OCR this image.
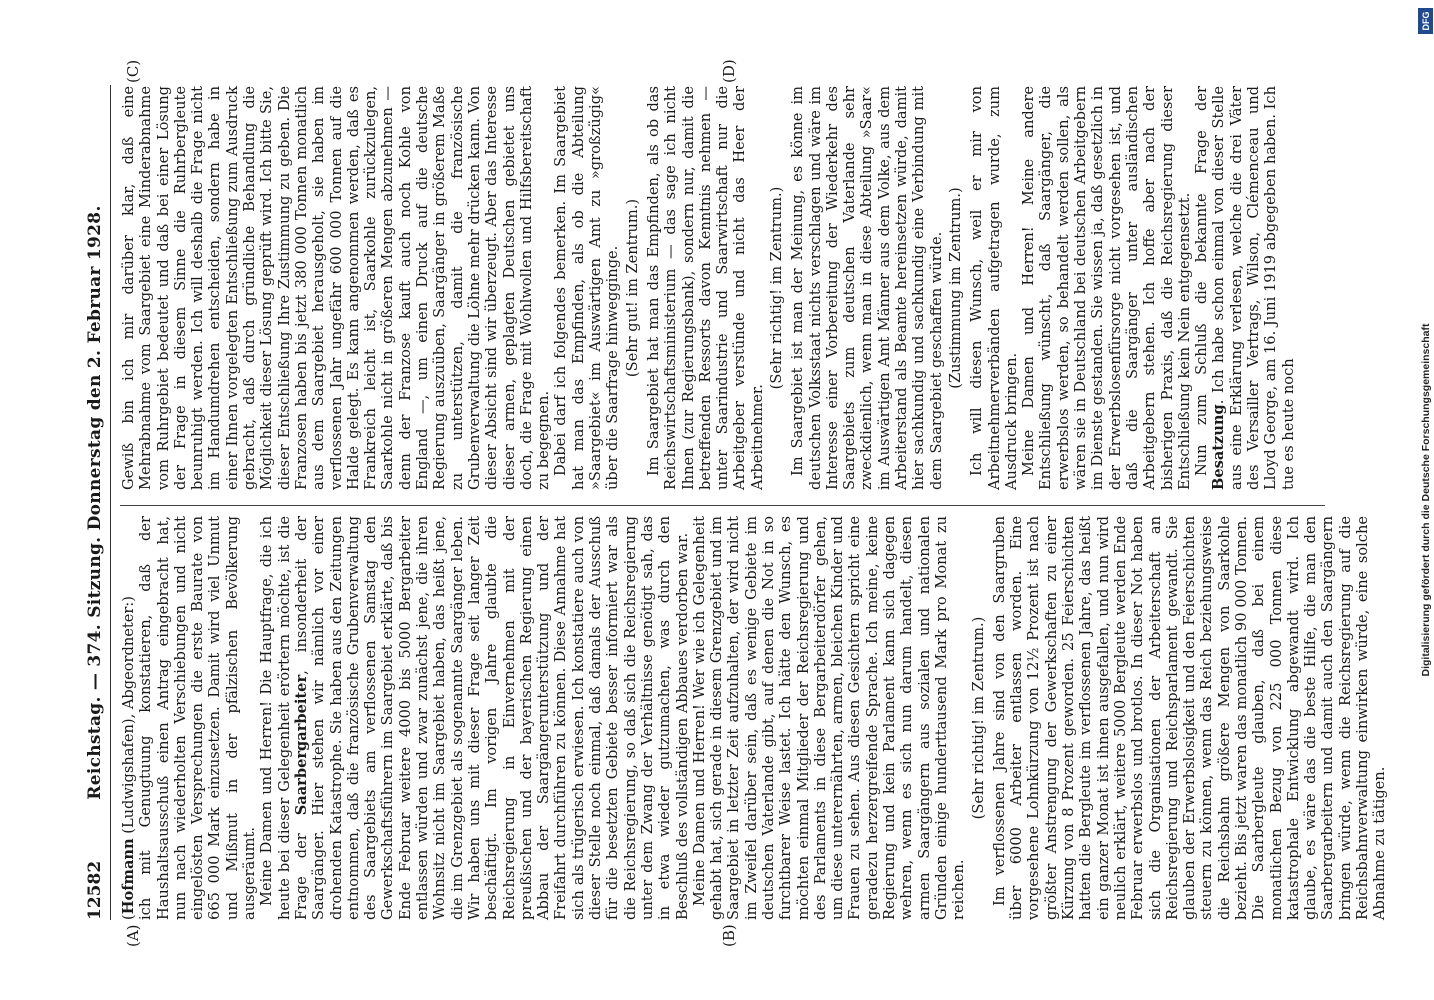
12582
Reichstag. — 374. Sitzung. Donnerstag den 2. Februar 1928.
(A)	(B)
(C)	(D)

(Hofmann (Ludwigshafen), Abgeordneter:) ich mit Genugtuung konstatieren, daß der Haushaltsausschuß einen Antrag eingebracht hat, nun nach wiederholten Verschiebungen und nicht eingelösten Versprechungen die erste Baurate von 665 000 Mark einzusetzen. Damit wird viel Unmut und Mißmut in der pfälzischen Bevölkerung ausgeräumt. Meine Damen und Herren! Die Hauptfrage, die ich heute bei dieser Gelegenheit erörtern möchte, ist die Frage der Saarbergarbeiter, insonderheit der Saargänger. Hier stehen wir nämlich vor einer drohenden Katastrophe. Sie haben aus den Zeitungen entnommen, daß die französische Grubenverwaltung des Saargebiets am verflossenen Samstag den Gewerkschaftsführern im Saargebiet erklärte, daß bis Ende Februar weitere 4000 bis 5000 Bergarbeiter entlassen würden und zwar zunächst jene, die ihren Wohnsitz nicht im Saargebiet haben, das heißt jene, die im Grenzgebiet als sogenannte Saargänger leben. Wir haben uns mit dieser Frage seit langer Zeit beschäftigt. Im vorigen Jahre glaubte die Reichsregierung in Einvernehmen mit der preußischen und der bayerischen Regierung einen Abbau der Saargängerunterstützung und der Freifahrt durchführen zu können. Diese Annahme hat sich als trügerisch erwiesen. Ich konstatiere auch von dieser Stelle noch einmal, daß damals der Ausschuß für die besetzten Gebiete besser informiert war als die Reichsregierung, so daß sich die Reichsregierung unter dem Zwang der Verhältnisse genötigt sah, das in etwa wieder gutzumachen, was durch den Beschluß des vollständigen Abbaues verdorben war. Meine Damen und Herren! Wer wie ich Gelegenheit gehabt hat, sich gerade in diesem Grenzgebiet und im Saargebiet in letzter Zeit aufzuhalten, der wird nicht im Zweifel darüber sein, daß es wenige Gebiete im deutschen Vaterlande gibt, auf denen die Not in so furchtbarer Weise lastet. Ich hätte den Wunsch, es möchten einmal Mitglieder der Reichsregierung und des Parlaments in diese Bergarbeiterdörfer gehen, um diese unterernährten, armen, bleichen Kinder und Frauen zu sehen. Aus diesen Gesichtern spricht eine geradezu herzergreifende Sprache. Ich meine, keine Regierung und kein Parlament kann sich dagegen wehren, wenn es sich nun darum handelt, diesen armen Saargängern aus sozialen und nationalen Gründen einige hunderttausend Mark pro Monat zu reichen.

(Sehr richtig! im Zentrum.) Im verflossenen Jahre sind von den Saargruben über 6000 Arbeiter entlassen worden. Eine vorgesehene Lohnkürzung von 12½ Prozent ist nach größter Anstrengung der Gewerkschaften zu einer Kürzung von 8 Prozent geworden. 25 Feierschichten hatten die Bergleute im verflossenen Jahre, das heißt ein ganzer Monat ist ihnen ausgefallen, und nun wird neulich erklärt, weitere 5000 Bergleute werden Ende Februar erwerbslos und brotlos. In dieser Not haben sich die Organisationen der Arbeiterschaft an Reichsregierung und Reichsparlament gewandt. Sie glauben der Erwerbslosigkeit und den Feierschichten steuern zu können, wenn das Reich beziehungsweise die Reichsbahn größere Mengen von Saarkohle bezieht. Bis jetzt waren das monatlich 90 000 Tonnen. Die Saarbergleute glauben, daß bei einem monatlichen Bezug von 225 000 Tonnen diese katastrophale Entwicklung abgewandt wird. Ich glaube, es wäre das die beste Hilfe, die man den Saarbergarbeitern und damit auch den Saargängern bringen würde, wenn die Reichsregierung auf die Reichsbahnverwaltung einwirken würde, eine solche Abnahme zu tätigen.

Gewiß bin ich mir darüber klar, daß eine Mehrabnahme vom Saargebiet eine Minderabnahme vom Ruhrgebiet bedeutet und daß bei einer Lösung der Frage in diesem Sinne die Ruhrbergleute beunruhigt werden. Ich will deshalb die Frage nicht im Handumdrehen entscheiden, sondern habe in einer Ihnen vorgelegten Entschließung zum Ausdruck gebracht, daß durch gründliche Behandlung die Möglichkeit dieser Lösung geprüft wird. Ich bitte Sie, dieser Entschließung Ihre Zustimmung zu geben. Die Franzosen haben bis jetzt 380 000 Tonnen monatlich aus dem Saargebiet herausgeholt, sie haben im verflossenen Jahr ungefähr 600 000 Tonnen auf die Halde gelegt. Es kann angenommen werden, daß es Frankreich leicht ist, Saarkohle zurückzulegen, Saarkohle nicht in größeren Mengen abzunehmen — denn der Franzose kauft auch noch Kohle von England —, um einen Druck auf die deutsche Regierung auszuüben, Saargänger in größerem Maße zu unterstützen, damit die französische Grubenverwaltung die Löhne mehr drücken kann. Von dieser Absicht sind wir überzeugt. Aber das Interesse dieser armen, geplagten Deutschen gebietet uns doch, die Frage mit Wohlwollen und Hilfsbereitschaft zu begegnen. Dabei darf ich folgendes bemerken. Im Saargebiet hat man das Empfinden, als ob die Abteilung »Saargebiet« im Auswärtigen Amt zu »großzügig« über die Saarfrage hinwegginge. (Sehr gut! im Zentrum.) Im Saargebiet hat man das Empfinden, als ob das Reichswirtschaftsministerium — das sage ich nicht Ihnen (zur Regierungsbank), sondern nur, damit die betreffenden Ressorts davon Kenntnis nehmen — unter Saarindustrie und Saarwirtschaft nur die Arbeitgeber verstünde und nicht das Heer der Arbeitnehmer.

(Sehr richtig! im Zentrum.) Im Saargebiet ist man der Meinung, es könne im deutschen Volksstaat nichts verschlagen und wäre im Interesse einer Vorbereitung der Wiederkehr des Saargebiets zum deutschen Vaterlande sehr zweckdienlich, wenn man in diese Abteilung »Saar« im Auswärtigen Amt Männer aus dem Volke, aus dem Arbeiterstand als Beamte hereinsetzen würde, damit hier sachkundig und sachkundig eine Verbindung mit dem Saargebiet geschaffen würde. (Zustimmung im Zentrum.) Ich will diesen Wunsch, weil er mir von Arbeitnehmerverbänden aufgetragen wurde, zum Ausdruck bringen. Meine Damen und Herren! Meine andere Entschließung wünscht, daß Saargänger, die erwerbslos werden, so behandelt werden sollen, als wären sie in Deutschland bei deutschen Arbeitgebern im Dienste gestanden. Sie wissen ja, daß gesetzlich in der Erwerbslosenfürsorge nicht vorgesehen ist, und daß die Saargänger unter ausländischen Arbeitgebern stehen. Ich hoffe aber nach der bisherigen Praxis, daß die Reichsregierung dieser Entschließung kein Nein entgegensetzt. Nun zum Schluß die bekannte Frage der Besatzung. Ich habe schon einmal von dieser Stelle aus eine Erklärung verlesen, welche die drei Väter des Versailler Vertrags, Wilson, Clémenceau und Lloyd George, am 16. Juni 1919 abgegeben haben. Ich tue es heute noch

DFG
Digitalisierung gefördert durch die Deutsche Forschungsgemeinschaft
